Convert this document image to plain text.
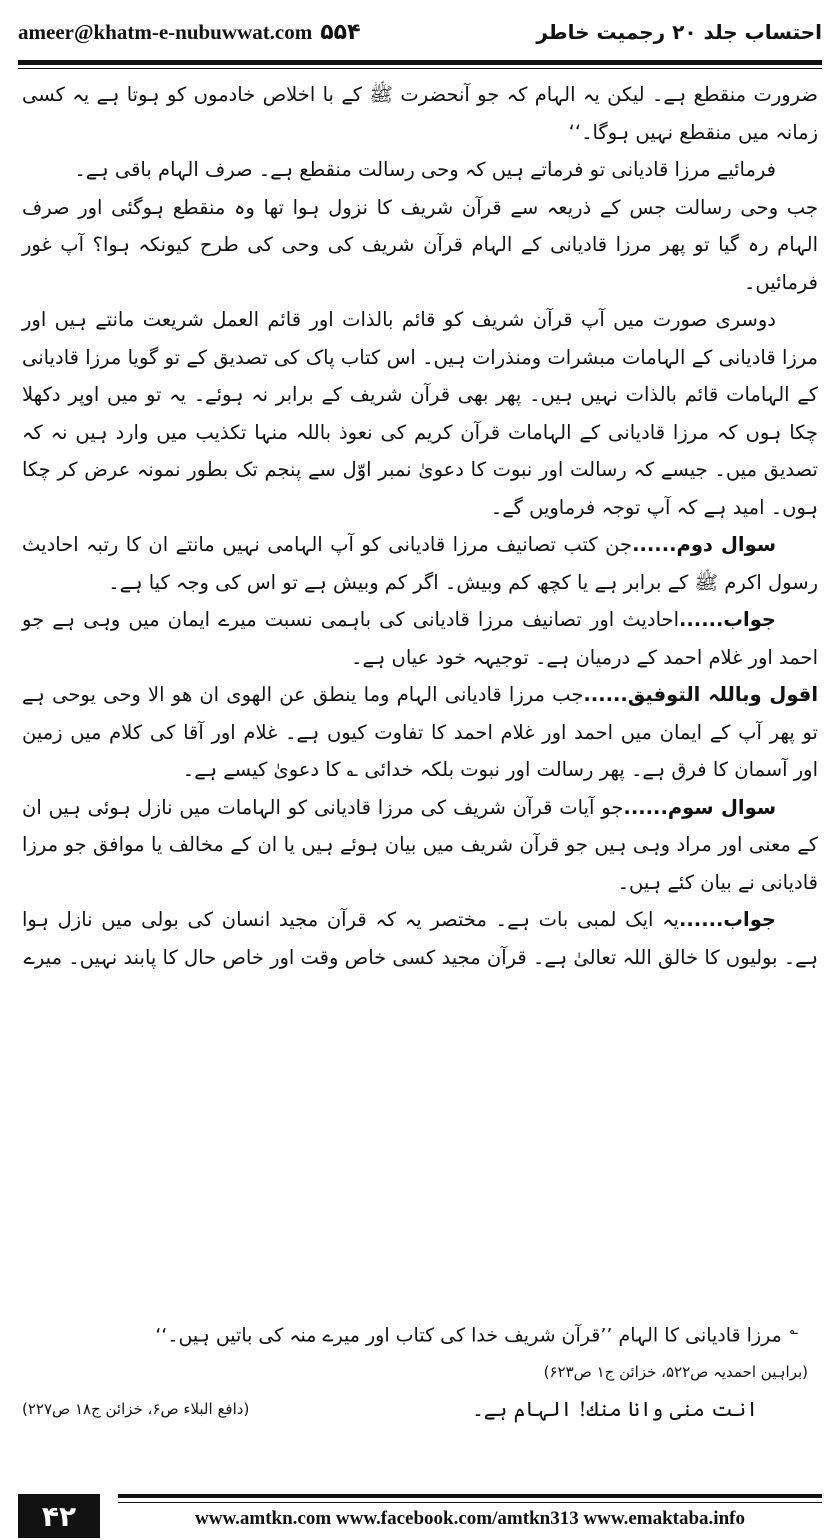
ameer@khatm-e-nubuwwat.com ۵۵۴	احتساب جلد ۲۰ رجمیت خاطر

ضرورت منقطع ہے۔ لیکن یہ الہام کہ جو آنحضرت ﷺ کے با اخلاص خادموں کو ہوتا ہے یہ کسی زمانہ میں منقطع نہیں ہوگا۔‘‘

فرمائیے مرزا قادیانی تو فرماتے ہیں کہ وحی رسالت منقطع ہے۔ صرف الہام باقی ہے۔

جب وحی رسالت جس کے ذریعہ سے قرآن شریف کا نزول ہوا تھا وہ منقطع ہوگئی اور صرف الہام رہ گیا تو پھر مرزا قادیانی کے الہام قرآن شریف کی وحی کی طرح کیونکہ ہوا؟ آپ غور فرمائیں۔

دوسری صورت میں آپ قرآن شریف کو قائم بالذات اور قائم العمل شریعت مانتے ہیں اور مرزا قادیانی کے الہامات مبشرات ومنذرات ہیں۔ اس کتاب پاک کی تصدیق کے تو گویا مرزا قادیانی کے الہامات قائم بالذات نہیں ہیں۔ پھر بھی قرآن شریف کے برابر نہ ہوئے۔ یہ تو میں اوپر دکھلا چکا ہوں کہ مرزا قادیانی کے الہامات قرآن کریم کی نعوذ باللہ منہا تکذیب میں وارد ہیں نہ کہ تصدیق میں۔ جیسے کہ رسالت اور نبوت کا دعویٰ نمبر اوّل سے پنجم تک بطور نمونہ عرض کر چکا ہوں۔ امید ہے کہ آپ توجہ فرماویں گے۔

سوال دوم......جن کتب تصانیف مرزا قادیانی کو آپ الہامی نہیں مانتے ان کا رتبہ احادیث رسول اکرم ﷺ کے برابر ہے یا کچھ کم وبیش۔ اگر کم وبیش ہے تو اس کی وجہ کیا ہے۔

جواب......احادیث اور تصانیف مرزا قادیانی کی باہمی نسبت میرے ایمان میں وہی ہے جو احمد اور غلام احمد کے درمیان ہے۔ توجیہہ خود عیاں ہے۔

اقول وباللہ التوفیق......جب مرزا قادیانی الہام وما ینطق عن الھوی ان ھو الا وحی یوحی ہے تو پھر آپ کے ایمان میں احمد اور غلام احمد کا تفاوت کیوں ہے۔ غلام اور آقا کی کلام میں زمین اور آسمان کا فرق ہے۔ پھر رسالت اور نبوت بلکہ خدائی ؎ کا دعویٰ کیسے ہے۔

سوال سوم......جو آیات قرآن شریف کی مرزا قادیانی کو الہامات میں نازل ہوئی ہیں ان کے معنی اور مراد وہی ہیں جو قرآن شریف میں بیان ہوئے ہیں یا ان کے مخالف یا موافق جو مرزا قادیانی نے بیان کئے ہیں۔

جواب......یہ ایک لمبی بات ہے۔ مختصر یہ کہ قرآن مجید انسان کی بولی میں نازل ہوا ہے۔ بولیوں کا خالق اللہ تعالیٰ ہے۔ قرآن مجید کسی خاص وقت اور خاص حال کا پابند نہیں۔ میرے

؎مرزا قادیانی کا الہام ’’قرآن شریف خدا کی کتاب اور میرے منہ کی باتیں ہیں۔‘‘
(براہین احمدیہ ص۵۲۲، خزائن ج۱ ص۶۲۳)
انت منی وانا منك! الہام ہے۔
(دافع البلاء ص۶، خزائن ج۱۸ ص۲۲۷)
۴۲	www.amtkn.com www.facebook.com/amtkn313 www.emaktaba.info
